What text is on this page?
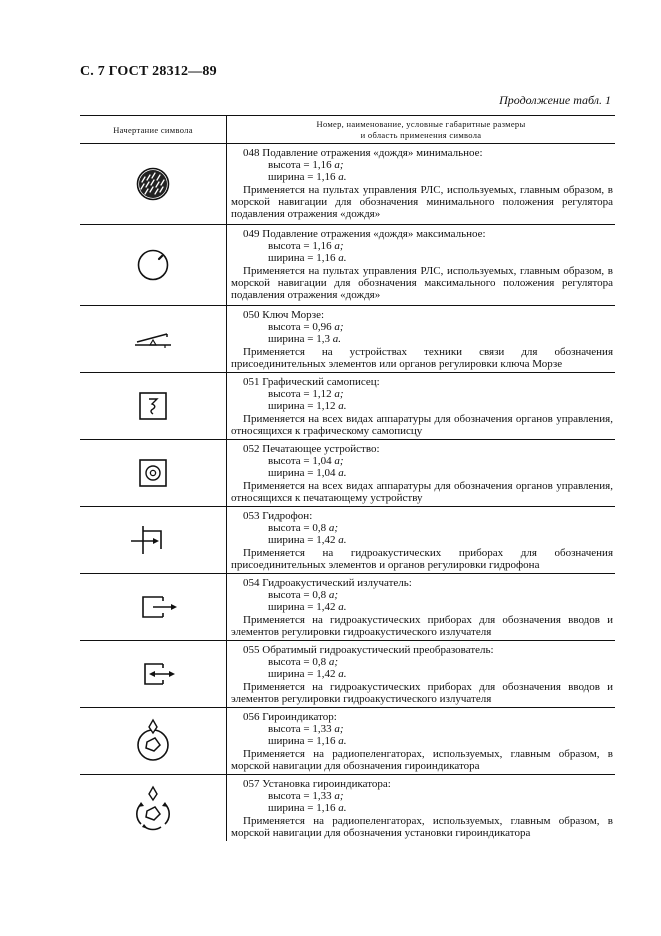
С. 7 ГОСТ 28312—89
Продолжение табл. 1
Начертание символа
Номер, наименование, условные габаритные размеры
и область применения символа
048 Подавление отражения «дождя» минимальное:
высота = 1,16 а;
ширина = 1,16 а.
Применяется на пультах управления РЛС, используемых, главным образом, в морской навигации для обозначения минимального положения регулятора подавления отражения «дождя»
049 Подавление отражения «дождя» максимальное:
высота = 1,16 а;
ширина = 1,16 а.
Применяется на пультах управления РЛС, используемых, главным образом, в морской навигации для обозначения максимального положения регулятора подавления отражения «дождя»
050 Ключ Морзе:
высота = 0,96 а;
ширина = 1,3 а.
Применяется на устройствах техники связи для обозначения присоединительных элементов или органов регулировки ключа Морзе
051 Графический самописец:
высота = 1,12 а;
ширина = 1,12 а.
Применяется на всех видах аппаратуры для обозначения органов управления, относящихся к графическому самописцу
052 Печатающее устройство:
высота = 1,04 а;
ширина = 1,04 а.
Применяется на всех видах аппаратуры для обозначения органов управления, относящихся к печатающему устройству
053 Гидрофон:
высота = 0,8 а;
ширина = 1,42 а.
Применяется на гидроакустических приборах для обозначения присоединительных элементов и органов регулировки гидрофона
054 Гидроакустический излучатель:
высота = 0,8 а;
ширина = 1,42 а.
Применяется на гидроакустических приборах для обозначения вводов и элементов регулировки гидроакустического излучателя
055 Обратимый гидроакустический преобразователь:
высота = 0,8 а;
ширина = 1,42 а.
Применяется на гидроакустических приборах для обозначения вводов и элементов регулировки гидроакустического излучателя
056 Гироиндикатор:
высота = 1,33 а;
ширина = 1,16 а.
Применяется на радиопеленгаторах, используемых, главным образом, в морской навигации для обозначения гироиндикатора
057 Установка гироиндикатора:
высота = 1,33 а;
ширина = 1,16 а.
Применяется на радиопеленгаторах, используемых, главным образом, в морской навигации для обозначения установки гироиндикатора
